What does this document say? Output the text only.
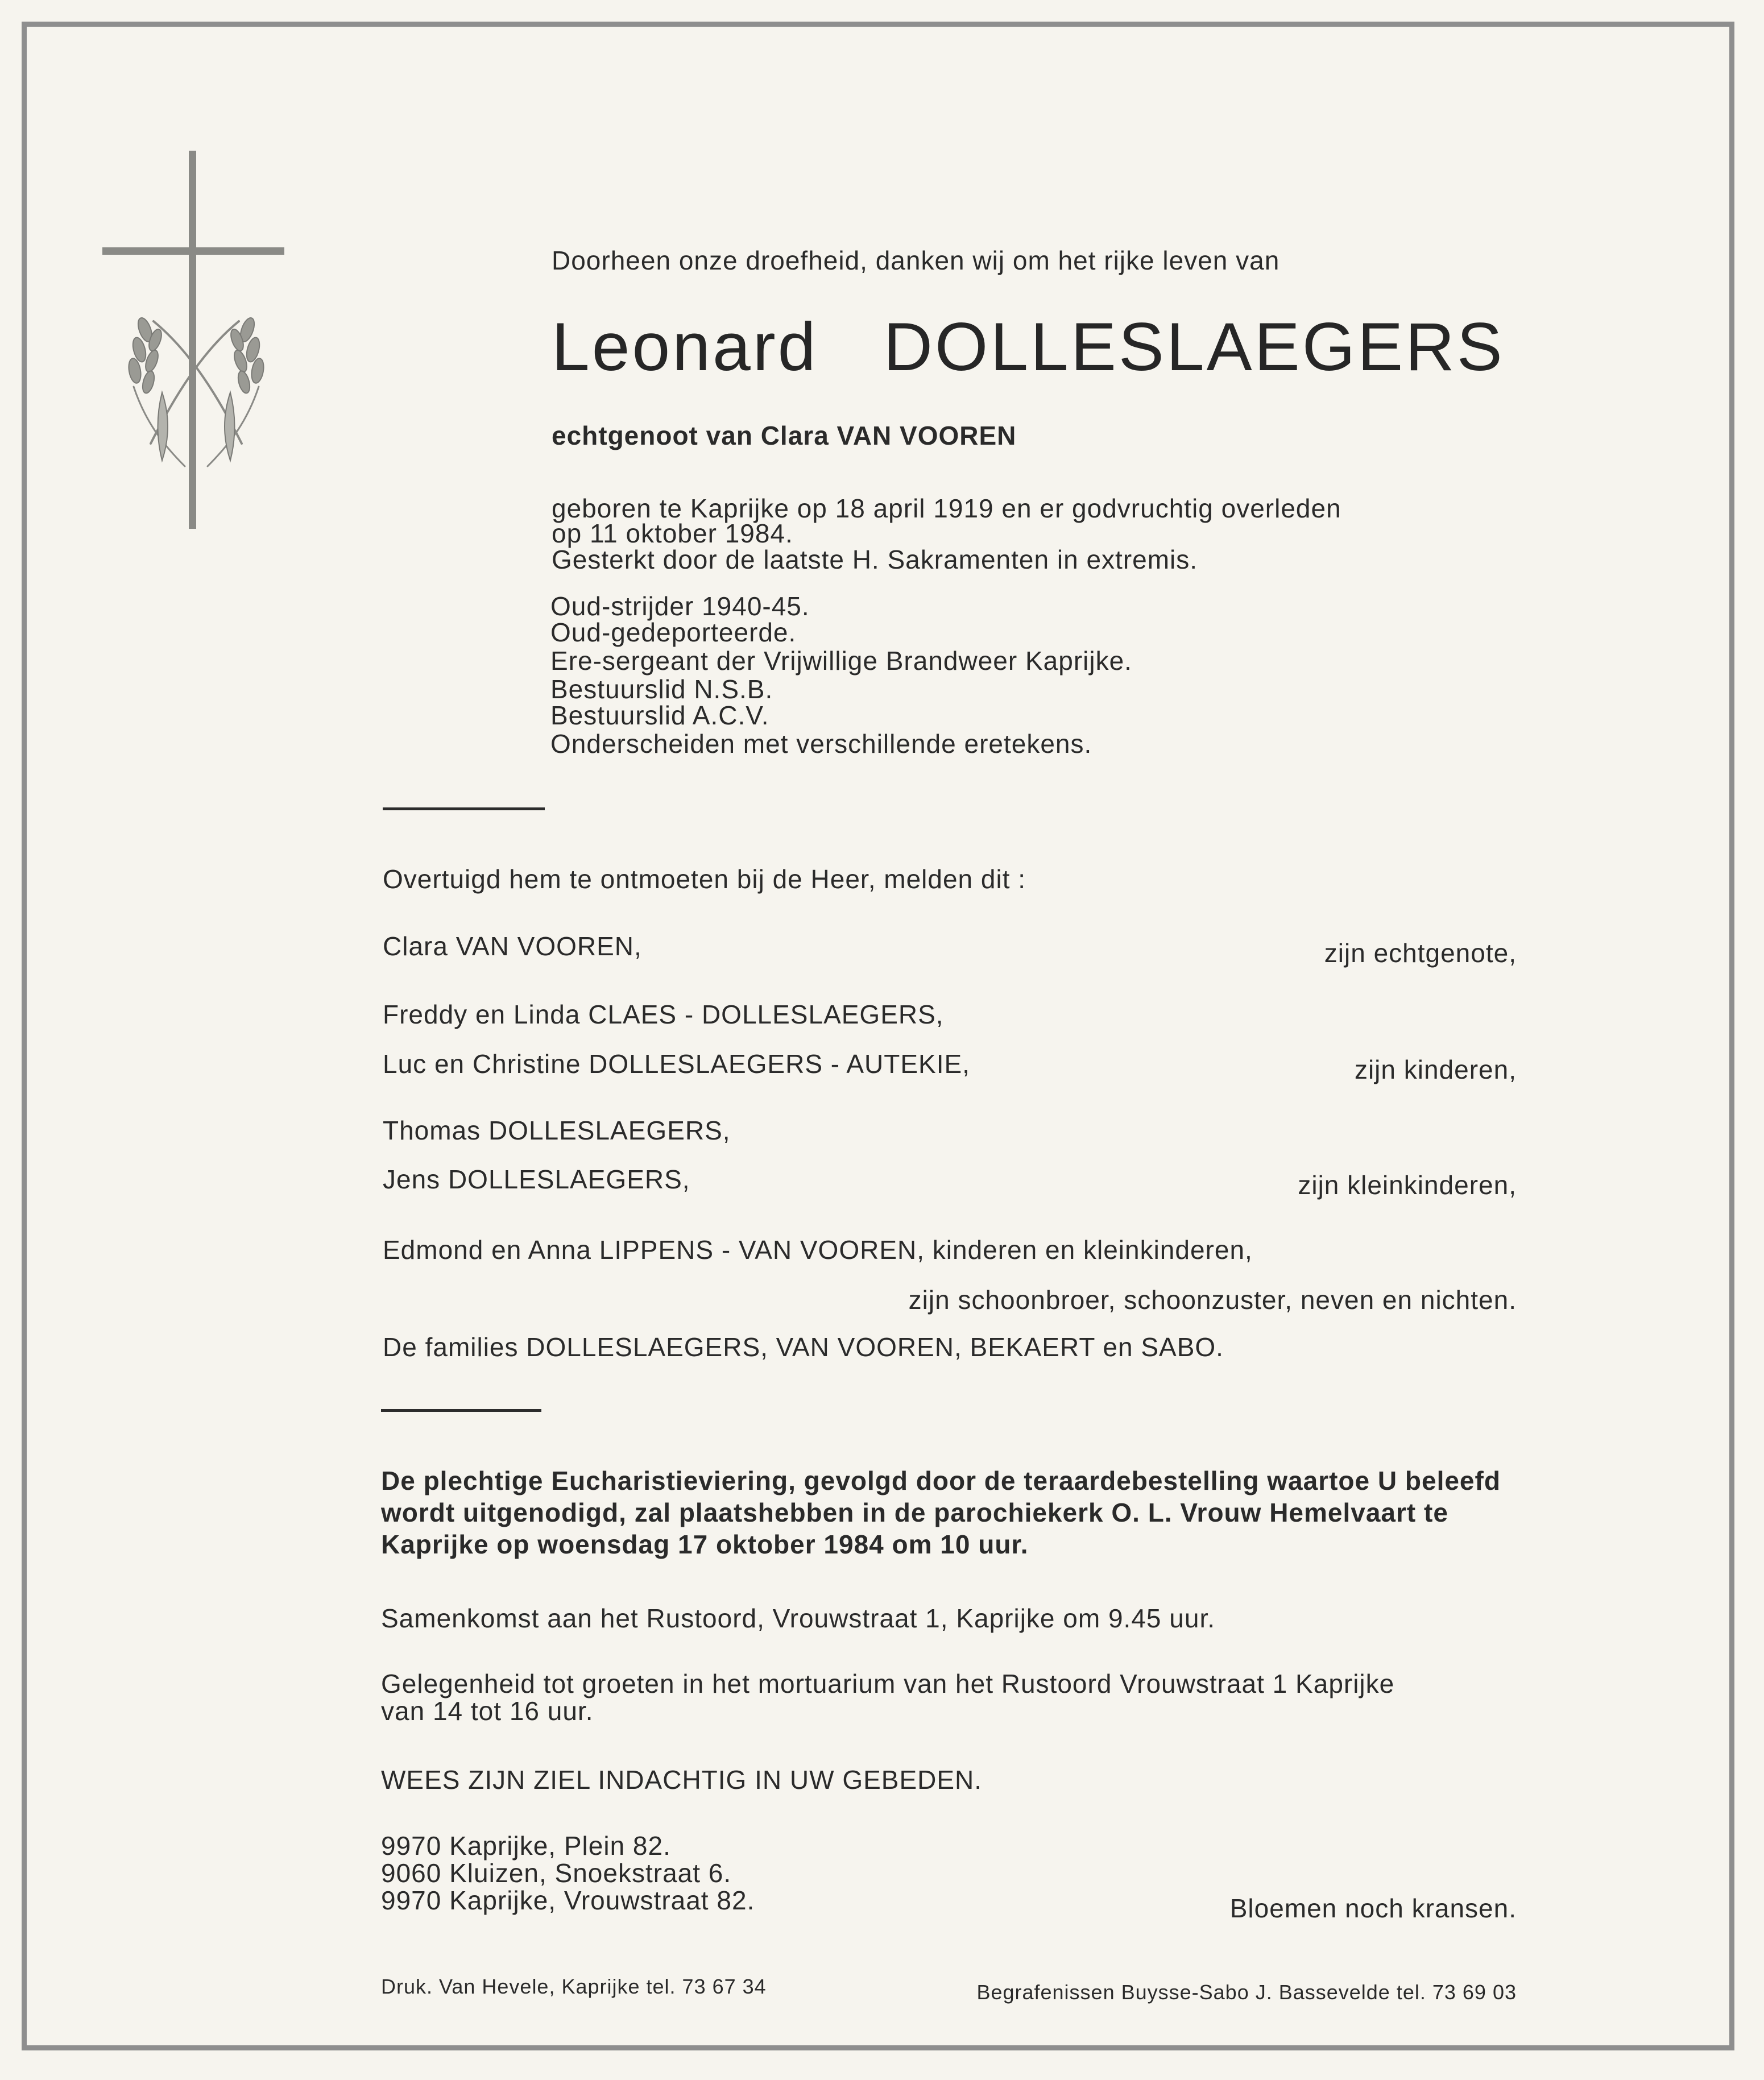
Doorheen onze droefheid, danken wij om het rijke leven van
Leonard DOLLESLAEGERS
echtgenoot van Clara VAN VOOREN
geboren te Kaprijke op 18 april 1919 en er godvruchtig overleden
op 11 oktober 1984.
Gesterkt door de laatste H. Sakramenten in extremis.
Oud-strijder 1940-45.
Oud-gedeporteerde.
Ere-sergeant der Vrijwillige Brandweer Kaprijke.
Bestuurslid N.S.B.
Bestuurslid A.C.V.
Onderscheiden met verschillende eretekens.
Overtuigd hem te ontmoeten bij de Heer, melden dit :
Clara VAN VOOREN,	zijn echtgenote,
Freddy en Linda CLAES - DOLLESLAEGERS,
Luc en Christine DOLLESLAEGERS - AUTEKIE,	zijn kinderen,
Thomas DOLLESLAEGERS,
Jens DOLLESLAEGERS,	zijn kleinkinderen,
Edmond en Anna LIPPENS - VAN VOOREN, kinderen en kleinkinderen,
zijn schoonbroer, schoonzuster, neven en nichten.
De families DOLLESLAEGERS, VAN VOOREN, BEKAERT en SABO.
De plechtige Eucharistieviering, gevolgd door de teraardebestelling waartoe U beleefd wordt uitgenodigd, zal plaatshebben in de parochiekerk O. L. Vrouw Hemelvaart te Kaprijke op woensdag 17 oktober 1984 om 10 uur.
Samenkomst aan het Rustoord, Vrouwstraat 1, Kaprijke om 9.45 uur.
Gelegenheid tot groeten in het mortuarium van het Rustoord Vrouwstraat 1 Kaprijke
van 14 tot 16 uur.
WEES ZIJN ZIEL INDACHTIG IN UW GEBEDEN.
9970 Kaprijke, Plein 82.
9060 Kluizen, Snoekstraat 6.
9970 Kaprijke, Vrouwstraat 82.	Bloemen noch kransen.
Druk. Van Hevele, Kaprijke tel. 73 67 34	Begrafenissen Buysse-Sabo J. Bassevelde tel. 73 69 03
